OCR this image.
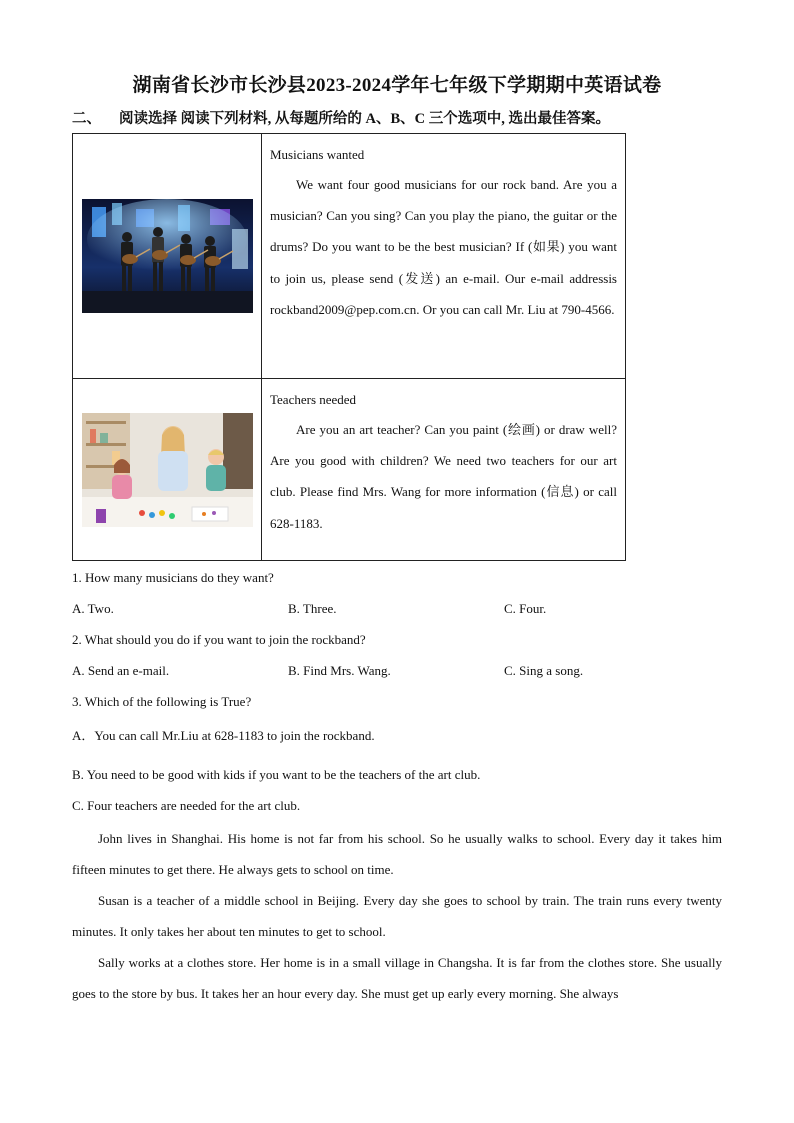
湖南省长沙市长沙县2023-2024学年七年级下学期期中英语试卷
二、 阅读选择 阅读下列材料, 从每题所给的 A、B、C 三个选项中, 选出最佳答案。

Musicians wanted
We want four good musicians for our rock band. Are you a musician? Can you sing? Can you play the piano, the guitar or the drums? Do you want to be the best musician? If (如果) you want to join us, please send (发送) an e-mail. Our e-mail addressis rockband2009@pep.com.cn. Or you can call Mr. Liu at 790-4566.

Teachers needed
Are you an art teacher? Can you paint (绘画) or draw well? Are you good with children? We need two teachers for our art club. Please find Mrs. Wang for more information (信息) or call 628-1183.
1. How many musicians do they want?
A. Two.	B. Three.	C. Four.
2. What should you do if you want to join the rockband?
A. Send an e-mail.	B. Find Mrs. Wang.	C. Sing a song.
3. Which of the following is True?
A．You can call Mr.Liu at 628-1183 to join the rockband.
B. You need to be good with kids if you want to be the teachers of the art club.
C. Four teachers are needed for the art club.
John lives in Shanghai. His home is not far from his school. So he usually walks to school. Every day it takes him fifteen minutes to get there. He always gets to school on time.
Susan is a teacher of a middle school in Beijing. Every day she goes to school by train. The train runs every twenty minutes. It only takes her about ten minutes to get to school.
Sally works at a clothes store. Her home is in a small village in Changsha. It is far from the clothes store. She usually goes to the store by bus. It takes her an hour every day. She must get up early every morning. She always
